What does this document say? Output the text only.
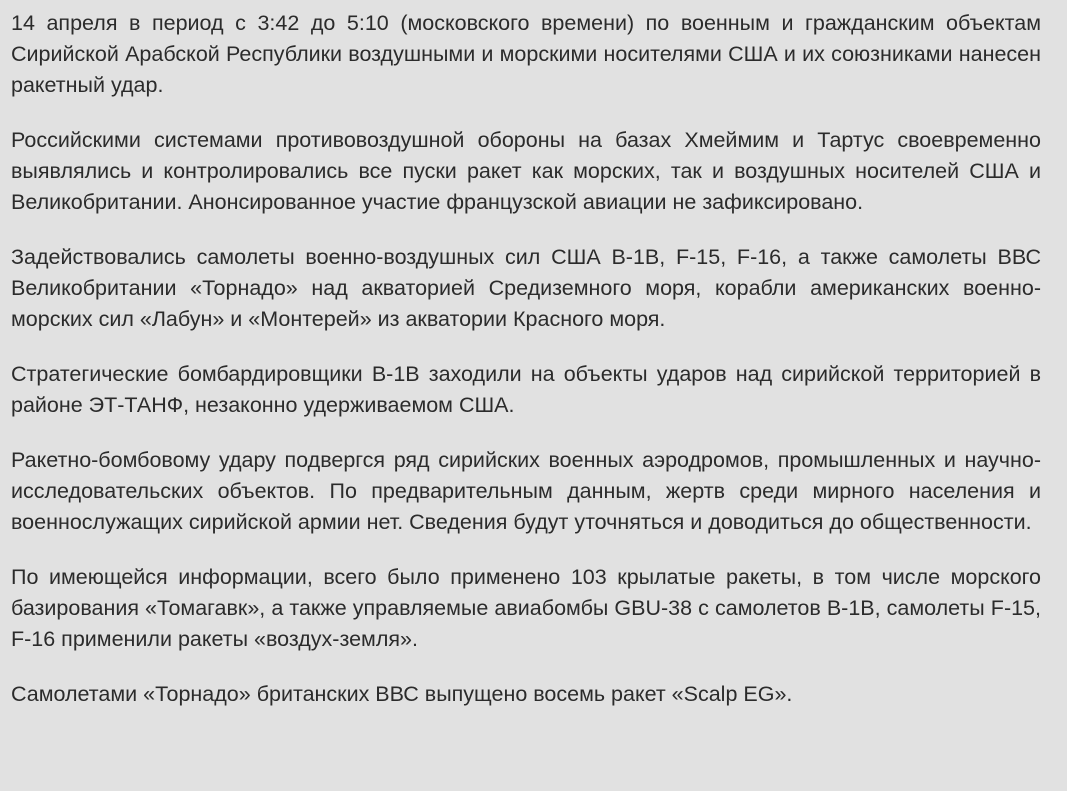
14 апреля в период с 3:42 до 5:10 (московского времени) по военным и гражданским объектам Сирийской Арабской Республики воздушными и морскими носителями США и их союзниками нанесен ракетный удар.

Российскими системами противовоздушной обороны на базах Хмеймим и Тартус своевременно выявлялись и контролировались все пуски ракет как морских, так и воздушных носителей США и Великобритании. Анонсированное участие французской авиации не зафиксировано.

Задействовались самолеты военно-воздушных сил США В-1В, F-15, F-16, а также самолеты ВВС Великобритании «Торнадо» над акваторией Средиземного моря, корабли американских военно-морских сил «Лабун» и «Монтерей» из акватории Красного моря.

Стратегические бомбардировщики В-1В заходили на объекты ударов над сирийской территорией в районе ЭТ-ТАНФ, незаконно удерживаемом США.

Ракетно-бомбовому удару подвергся ряд сирийских военных аэродромов, промышленных и научно-исследовательских объектов. По предварительным данным, жертв среди мирного населения и военнослужащих сирийской армии нет. Сведения будут уточняться и доводиться до общественности.

По имеющейся информации, всего было применено 103 крылатые ракеты, в том числе морского базирования «Томагавк», а также управляемые авиабомбы GBU-38 с самолетов В-1В, самолеты F-15, F-16 применили ракеты «воздух-земля».

Самолетами «Торнадо» британских ВВС выпущено восемь ракет «Scalp EG».
